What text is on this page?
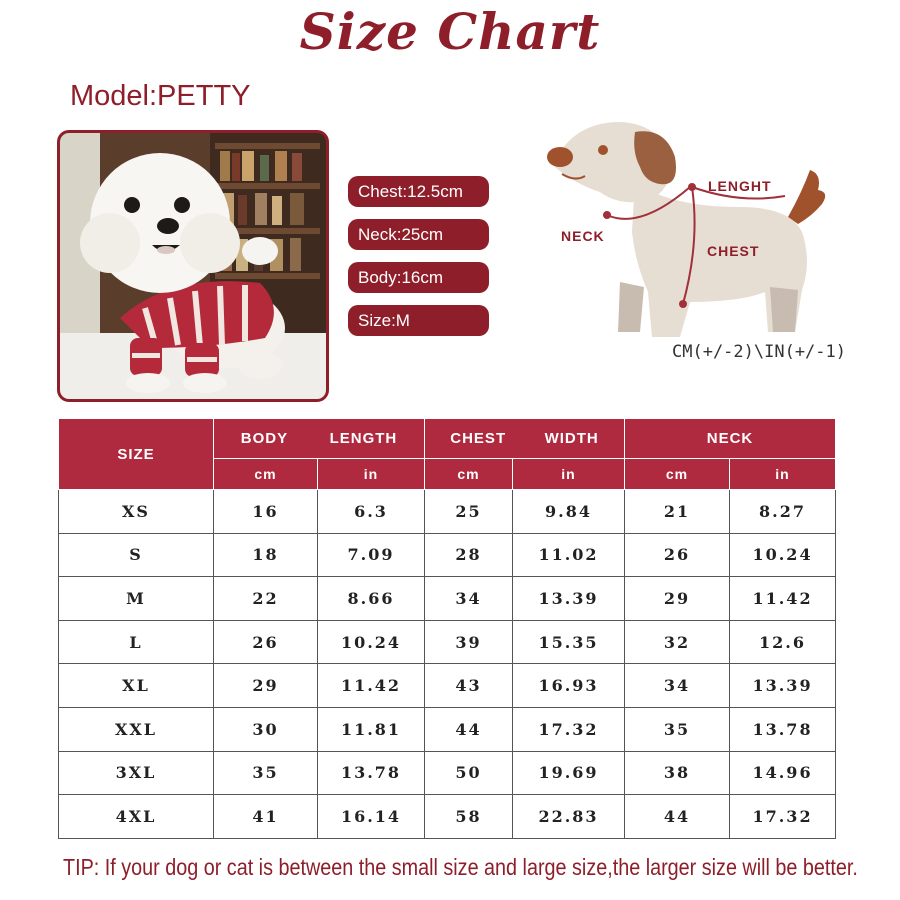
Size Chart
Model:PETTY
Chest:12.5cm
Neck:25cm
Body:16cm
Size:M
LENGHT
NECK
CHEST
CM(+/-2)\IN(+/-1)
SIZE	BODY LENGTH		CHEST WIDTH		NECK	
	cm	in	cm	in	cm	in
XS	16	6.3	25	9.84	21	8.27
S	18	7.09	28	11.02	26	10.24
M	22	8.66	34	13.39	29	11.42
L	26	10.24	39	15.35	32	12.6
XL	29	11.42	43	16.93	34	13.39
XXL	30	11.81	44	17.32	35	13.78
3XL	35	13.78	50	19.69	38	14.96
4XL	41	16.14	58	22.83	44	17.32
TIP: If your dog or cat is between the small size and large size,the larger size will be better.
